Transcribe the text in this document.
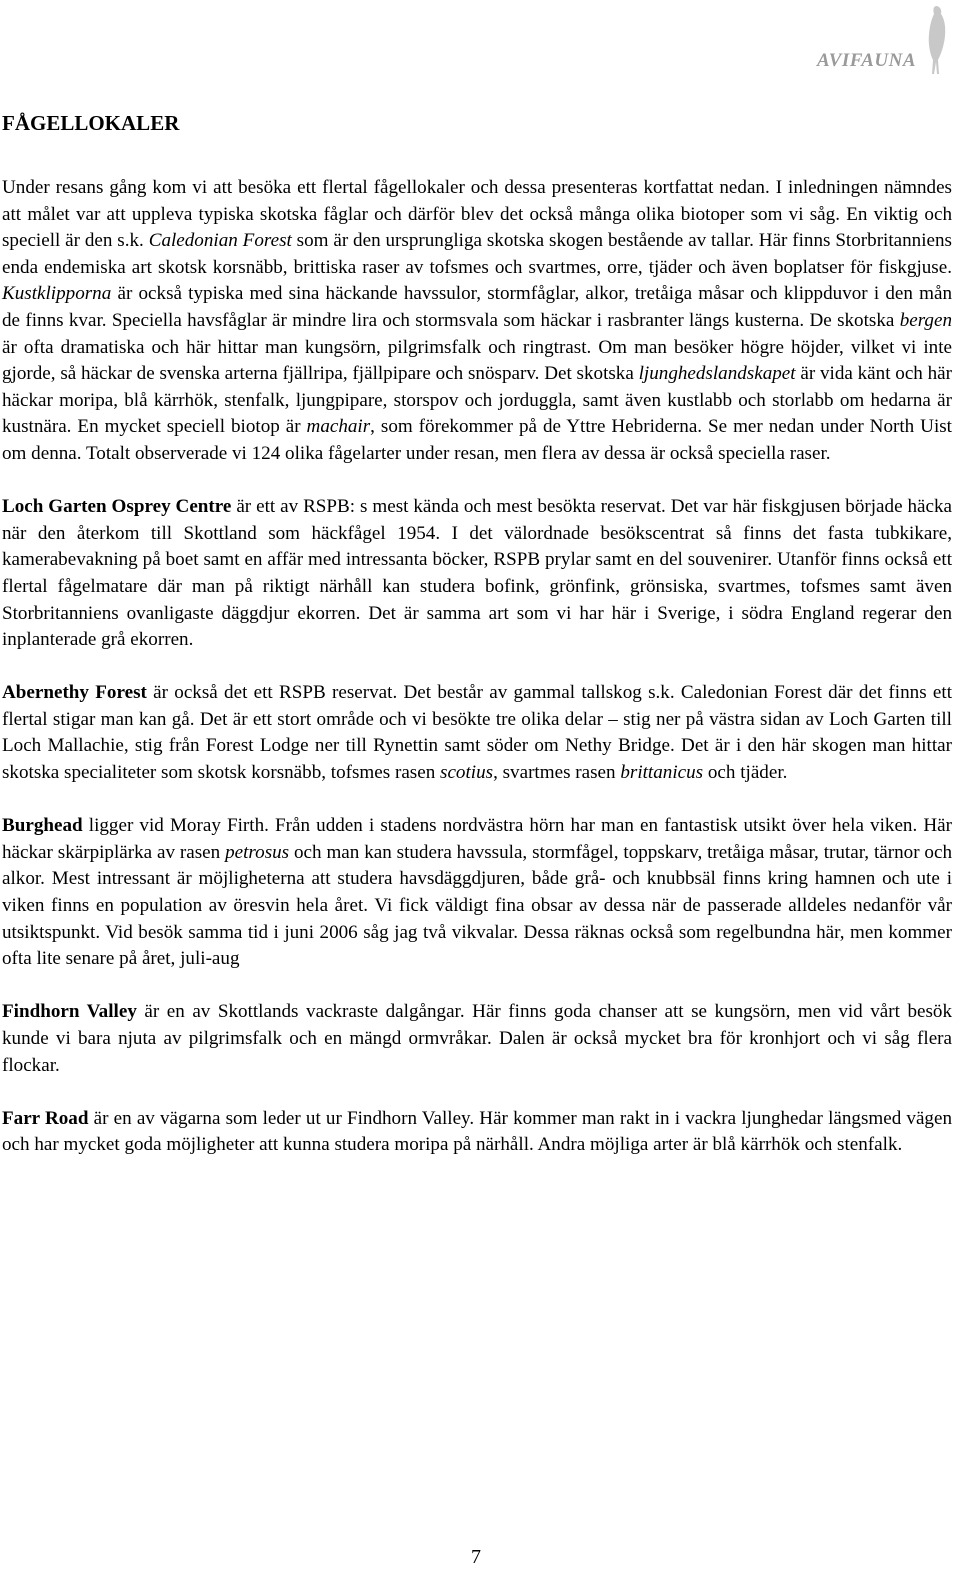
AVIFAUNA
FÅGELLOKALER

Under resans gång kom vi att besöka ett flertal fågellokaler och dessa presenteras kortfattat nedan. I inledningen nämndes att målet var att uppleva typiska skotska fåglar och därför blev det också många olika biotoper som vi såg. En viktig och speciell är den s.k. Caledonian Forest som är den ursprungliga skotska skogen bestående av tallar. Här finns Storbritanniens enda endemiska art skotsk korsnäbb, brittiska raser av tofsmes och svartmes, orre, tjäder och även boplatser för fiskgjuse. Kustklipporna är också typiska med sina häckande havssulor, stormfåglar, alkor, tretåiga måsar och klippduvor i den mån de finns kvar. Speciella havsfåglar är mindre lira och stormsvala som häckar i rasbranter längs kusterna. De skotska bergen är ofta dramatiska och här hittar man kungsörn, pilgrimsfalk och ringtrast. Om man besöker högre höjder, vilket vi inte gjorde, så häckar de svenska arterna fjällripa, fjällpipare och snösparv. Det skotska ljunghedslandskapet är vida känt och här häckar moripa, blå kärrhök, stenfalk, ljungpipare, storspov och jorduggla, samt även kustlabb och storlabb om hedarna är kustnära. En mycket speciell biotop är machair, som förekommer på de Yttre Hebriderna. Se mer nedan under North Uist om denna. Totalt observerade vi 124 olika fågelarter under resan, men flera av dessa är också speciella raser.

Loch Garten Osprey Centre är ett av RSPB: s mest kända och mest besökta reservat. Det var här fiskgjusen började häcka när den återkom till Skottland som häckfågel 1954. I det välordnade besökscentrat så finns det fasta tubkikare, kamerabevakning på boet samt en affär med intressanta böcker, RSPB prylar samt en del souvenirer. Utanför finns också ett flertal fågelmatare där man på riktigt närhåll kan studera bofink, grönfink, grönsiska, svartmes, tofsmes samt även Storbritanniens ovanligaste däggdjur ekorren. Det är samma art som vi har här i Sverige, i södra England regerar den inplanterade grå ekorren.

Abernethy Forest är också det ett RSPB reservat. Det består av gammal tallskog s.k. Caledonian Forest där det finns ett flertal stigar man kan gå. Det är ett stort område och vi besökte tre olika delar – stig ner på västra sidan av Loch Garten till Loch Mallachie, stig från Forest Lodge ner till Rynettin samt söder om Nethy Bridge. Det är i den här skogen man hittar skotska specialiteter som skotsk korsnäbb, tofsmes rasen scotius, svartmes rasen brittanicus och tjäder.

Burghead ligger vid Moray Firth. Från udden i stadens nordvästra hörn har man en fantastisk utsikt över hela viken. Här häckar skärpiplärka av rasen petrosus och man kan studera havssula, stormfågel, toppskarv, tretåiga måsar, trutar, tärnor och alkor. Mest intressant är möjligheterna att studera havsdäggdjuren, både grå- och knubbsäl finns kring hamnen och ute i viken finns en population av öresvin hela året. Vi fick väldigt fina obsar av dessa när de passerade alldeles nedanför vår utsiktspunkt. Vid besök samma tid i juni 2006 såg jag två vikvalar. Dessa räknas också som regelbundna här, men kommer ofta lite senare på året, juli-aug

Findhorn Valley är en av Skottlands vackraste dalgångar. Här finns goda chanser att se kungsörn, men vid vårt besök kunde vi bara njuta av pilgrimsfalk och en mängd ormvråkar. Dalen är också mycket bra för kronhjort och vi såg flera flockar.

Farr Road är en av vägarna som leder ut ur Findhorn Valley. Här kommer man rakt in i vackra ljunghedar längsmed vägen och har mycket goda möjligheter att kunna studera moripa på närhåll. Andra möjliga arter är blå kärrhök och stenfalk.

7
